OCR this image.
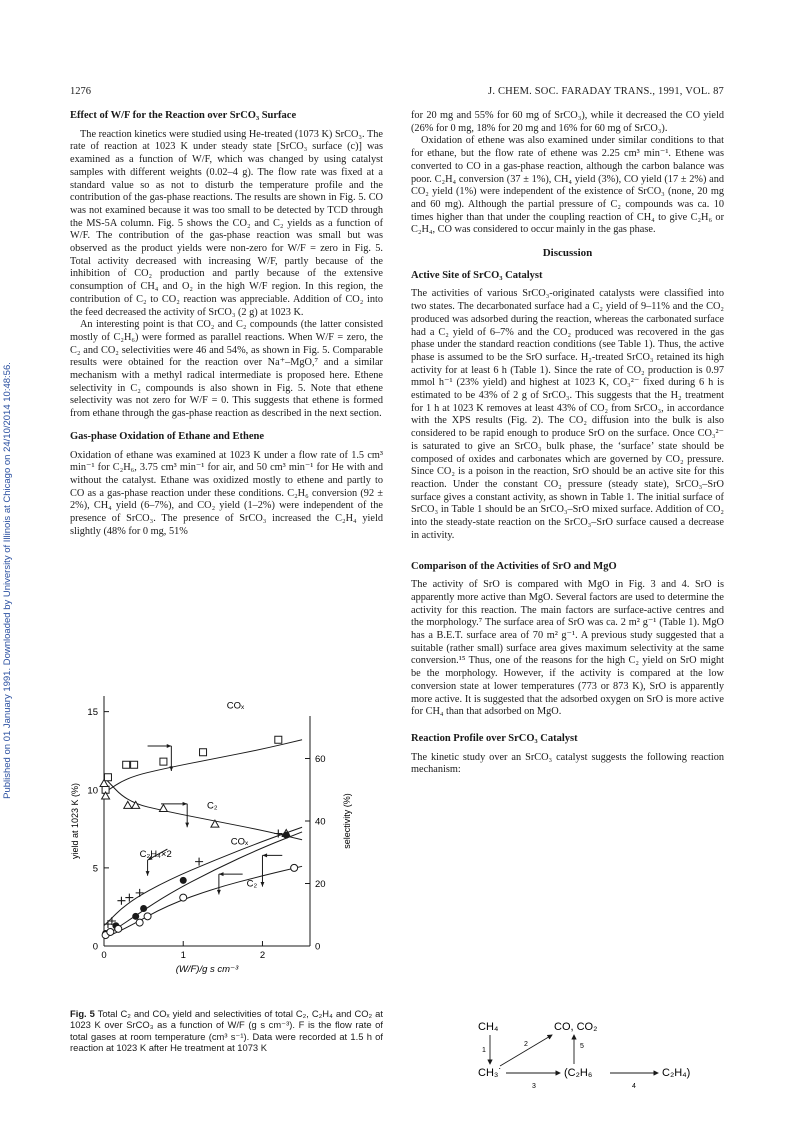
Published on 01 January 1991. Downloaded by University of Illinois at Chicago on 24/10/2014 10:48:56.
1276	J. CHEM. SOC. FARADAY TRANS., 1991, VOL. 87
Effect of W/F for the Reaction over SrCO₃ Surface

The reaction kinetics were studied using He-treated (1073 K) SrCO₃. The rate of reaction at 1023 K under steady state [SrCO₃ surface (c)] was examined as a function of W/F, which was changed by using catalyst samples with different weights (0.02–4 g). The flow rate was fixed at a standard value so as not to disturb the temperature profile and the contribution of the gas-phase reactions. The results are shown in Fig. 5. CO was not examined because it was too small to be detected by TCD through the MS-5A column. Fig. 5 shows the CO₂ and C₂ yields as a function of W/F. The contribution of the gas-phase reaction was small but was observed as the product yields were non-zero for W/F = zero in Fig. 5. Total activity decreased with increasing W/F, partly because of the inhibition of CO₂ production and partly because of the extensive consumption of CH₄ and O₂ in the high W/F region. In this region, the contribution of C₂ to CO₂ reaction was appreciable. Addition of CO₂ into the feed decreased the activity of SrCO₃ (2 g) at 1023 K.

An interesting point is that CO₂ and C₂ compounds (the latter consisted mostly of C₂H₆) were formed as parallel reactions. When W/F = zero, the C₂ and CO₂ selectivities were 46 and 54%, as shown in Fig. 5. Comparable results were obtained for the reaction over Na⁺–MgO,⁷ and a similar mechanism with a methyl radical intermediate is proposed here. Ethene selectivity in C₂ compounds is also shown in Fig. 5. Note that ethene selectivity was not zero for W/F = 0. This suggests that ethene is formed from ethane through the gas-phase reaction as described in the next section.

Gas-phase Oxidation of Ethane and Ethene

Oxidation of ethane was examined at 1023 K under a flow rate of 1.5 cm³ min⁻¹ for C₂H₆, 3.75 cm³ min⁻¹ for air, and 50 cm³ min⁻¹ for He with and without the catalyst. Ethane was oxidized mostly to ethene and partly to CO as a gas-phase reaction under these conditions. C₂H₆ conversion (92 ± 2%), CH₄ yield (6–7%), and CO₂ yield (1–2%) were independent of the presence of SrCO₃. The presence of SrCO₃ increased the C₂H₄ yield slightly (48% for 0 mg, 51%

for 20 mg and 55% for 60 mg of SrCO₃), while it decreased the CO yield (26% for 0 mg, 18% for 20 mg and 16% for 60 mg of SrCO₃).

Oxidation of ethene was also examined under similar conditions to that for ethane, but the flow rate of ethene was 2.25 cm³ min⁻¹. Ethene was converted to CO in a gas-phase reaction, although the carbon balance was poor. C₂H₄ conversion (37 ± 1%), CH₄ yield (3%), CO yield (17 ± 2%) and CO₂ yield (1%) were independent of the existence of SrCO₃ (none, 20 mg and 60 mg). Although the partial pressure of C₂ compounds was ca. 10 times higher than that under the coupling reaction of CH₄ to give C₂H₆ or C₂H₄, CO was considered to occur mainly in the gas phase.

Discussion
Active Site of SrCO₃ Catalyst

The activities of various SrCO₃-originated catalysts were classified into two states. The decarbonated surface had a C₂ yield of 9–11% and the CO₂ produced was adsorbed during the reaction, whereas the carbonated surface had a C₂ yield of 6–7% and the CO₂ produced was recovered in the gas phase under the standard reaction conditions (see Table 1). Thus, the active phase is assumed to be the SrO surface. H₂-treated SrCO₃ retained its high activity for at least 6 h (Table 1). Since the rate of CO₂ production is 0.97 mmol h⁻¹ (23% yield) and highest at 1023 K, CO₃²⁻ fixed during 6 h is estimated to be 43% of 2 g of SrCO₃. This suggests that the H₂ treatment for 1 h at 1023 K removes at least 43% of CO₂ from SrCO₃, in accordance with the XPS results (Fig. 2). The CO₂ diffusion into the bulk is also considered to be rapid enough to produce SrO on the surface. Once CO₃²⁻ is saturated to give an SrCO₃ bulk phase, the ‘surface’ state should be composed of oxides and carbonates which are governed by CO₂ pressure. Since CO₂ is a poison in the reaction, SrO should be an active site for this reaction. Under the constant CO₂ pressure (steady state), SrCO₃–SrO surface gives a constant activity, as shown in Table 1. The initial surface of SrCO₃ in Table 1 should be an SrCO₃–SrO mixed surface. Addition of CO₂ into the steady-state reaction on the SrCO₃–SrO surface caused a decrease in activity.

Comparison of the Activities of SrO and MgO

The activity of SrO is compared with MgO in Fig. 3 and 4. SrO is apparently more active than MgO. Several factors are used to determine the activity for this reaction. The main factors are surface-active centres and the morphology.⁷ The surface area of SrO was ca. 2 m² g⁻¹ (Table 1). MgO has a B.E.T. surface area of 70 m² g⁻¹. A previous study suggested that a suitable (rather small) surface area gives maximum selectivity at the same conversion.¹⁵ Thus, one of the reasons for the high C₂ yield on SrO might be the morphology. However, if the activity is compared at the low conversion state at lower temperatures (773 or 873 K), SrO is apparently more active. It is suggested that the adsorbed oxygen on SrO is more active for CH₄ than that adsorbed on MgO.

Reaction Profile over SrCO₃ Catalyst

The kinetic study over an SrCO₃ catalyst suggests the following reaction mechanism:

0
5
10
15
0
20
40
60
0	1	2
(W/F)/g s cm⁻³
yield at 1023 K (%)	selectivity (%)
COₓ
C₂
COₓ
C₂
C₂H₄×2
Fig. 5 Total C₂ and COₓ yield and selectivities of total C₂, C₂H₄ and CO₂ at 1023 K over SrCO₃ as a function of W/F (g s cm⁻³). F is the flow rate of total gases at room temperature (cm³ s⁻¹). Data were recorded at 1.5 h of reaction at 1023 K after He treatment at 1073 K
CH₄	CO, CO₂
CH₃˙	(C₂H₆	C₂H₄)
1
2
3
5
4
